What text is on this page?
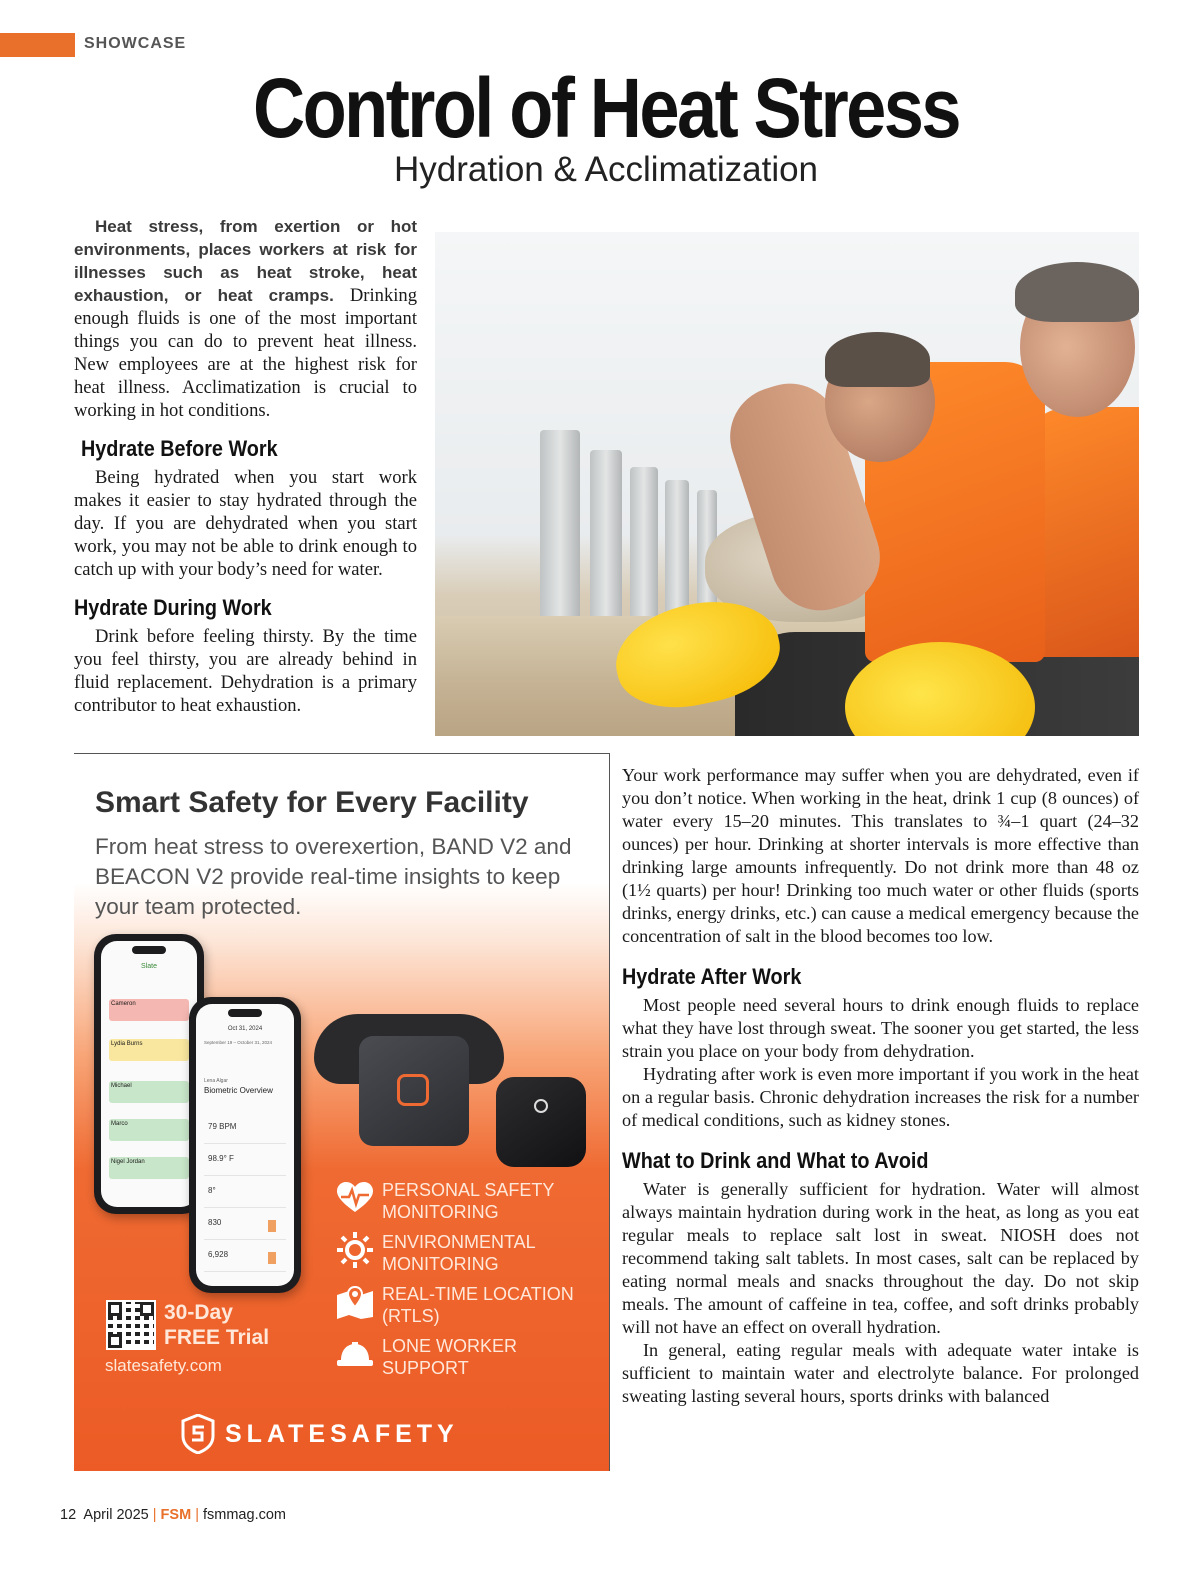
SHOWCASE
Control of Heat Stress
Hydration & Acclimatization

Heat stress, from exertion or hot environments, places workers at risk for illnesses such as heat stroke, heat exhaustion, or heat cramps. Drinking enough fluids is one of the most important things you can do to prevent heat illness. New employees are at the highest risk for heat illness. Acclimatization is crucial to working in hot conditions.

Hydrate Before Work

Being hydrated when you start work makes it easier to stay hydrated through the day. If you are dehydrated when you start work, you may not be able to drink enough to catch up with your body’s need for water.

Hydrate During Work

Drink before feeling thirsty. By the time you feel thirsty, you are already behind in fluid replacement. Dehydration is a primary contributor to heat exhaustion.

Smart Safety for Every Facility
From heat stress to overexertion, BAND V2 and BEACON V2 provide real-time insights to keep your team protected.
Slate
Cameron
Lydia Burns
Michael
Marco
Nigel Jordan
Oct 31, 2024
September 19 – October 31, 2024
Lena Algar
Biometric Overview
79 BPM
98.9° F
8°
830
6,928
PERSONAL SAFETY
MONITORING
ENVIRONMENTAL
MONITORING
REAL-TIME LOCATION
(RTLS)
LONE WORKER
SUPPORT
30-Day
FREE Trial
slatesafety.com
SLATESAFETY

Your work performance may suffer when you are dehydrated, even if you don’t notice. When working in the heat, drink 1 cup (8 ounces) of water every 15–20 minutes. This translates to ¾–1 quart (24–32 ounces) per hour. Drinking at shorter intervals is more effective than drinking large amounts infrequently. Do not drink more than 48 oz (1½ quarts) per hour! Drinking too much water or other fluids (sports drinks, energy drinks, etc.) can cause a medical emergency because the concentration of salt in the blood becomes too low.

Hydrate After Work

Most people need several hours to drink enough fluids to replace what they have lost through sweat. The sooner you get started, the less strain you place on your body from dehydration.

Hydrating after work is even more important if you work in the heat on a regular basis. Chronic dehydration increases the risk for a number of medical conditions, such as kidney stones.

What to Drink and What to Avoid

Water is generally sufficient for hydration. Water will almost always maintain hydration during work in the heat, as long as you eat regular meals to replace salt lost in sweat. NIOSH does not recommend taking salt tablets. In most cases, salt can be replaced by eating normal meals and snacks throughout the day. Do not skip meals. The amount of caffeine in tea, coffee, and soft drinks probably will not have an effect on overall hydration.

In general, eating regular meals with adequate water intake is sufficient to maintain water and electrolyte balance. For prolonged sweating lasting several hours, sports drinks with balanced

12 April 2025 | FSM | fsmmag.com
